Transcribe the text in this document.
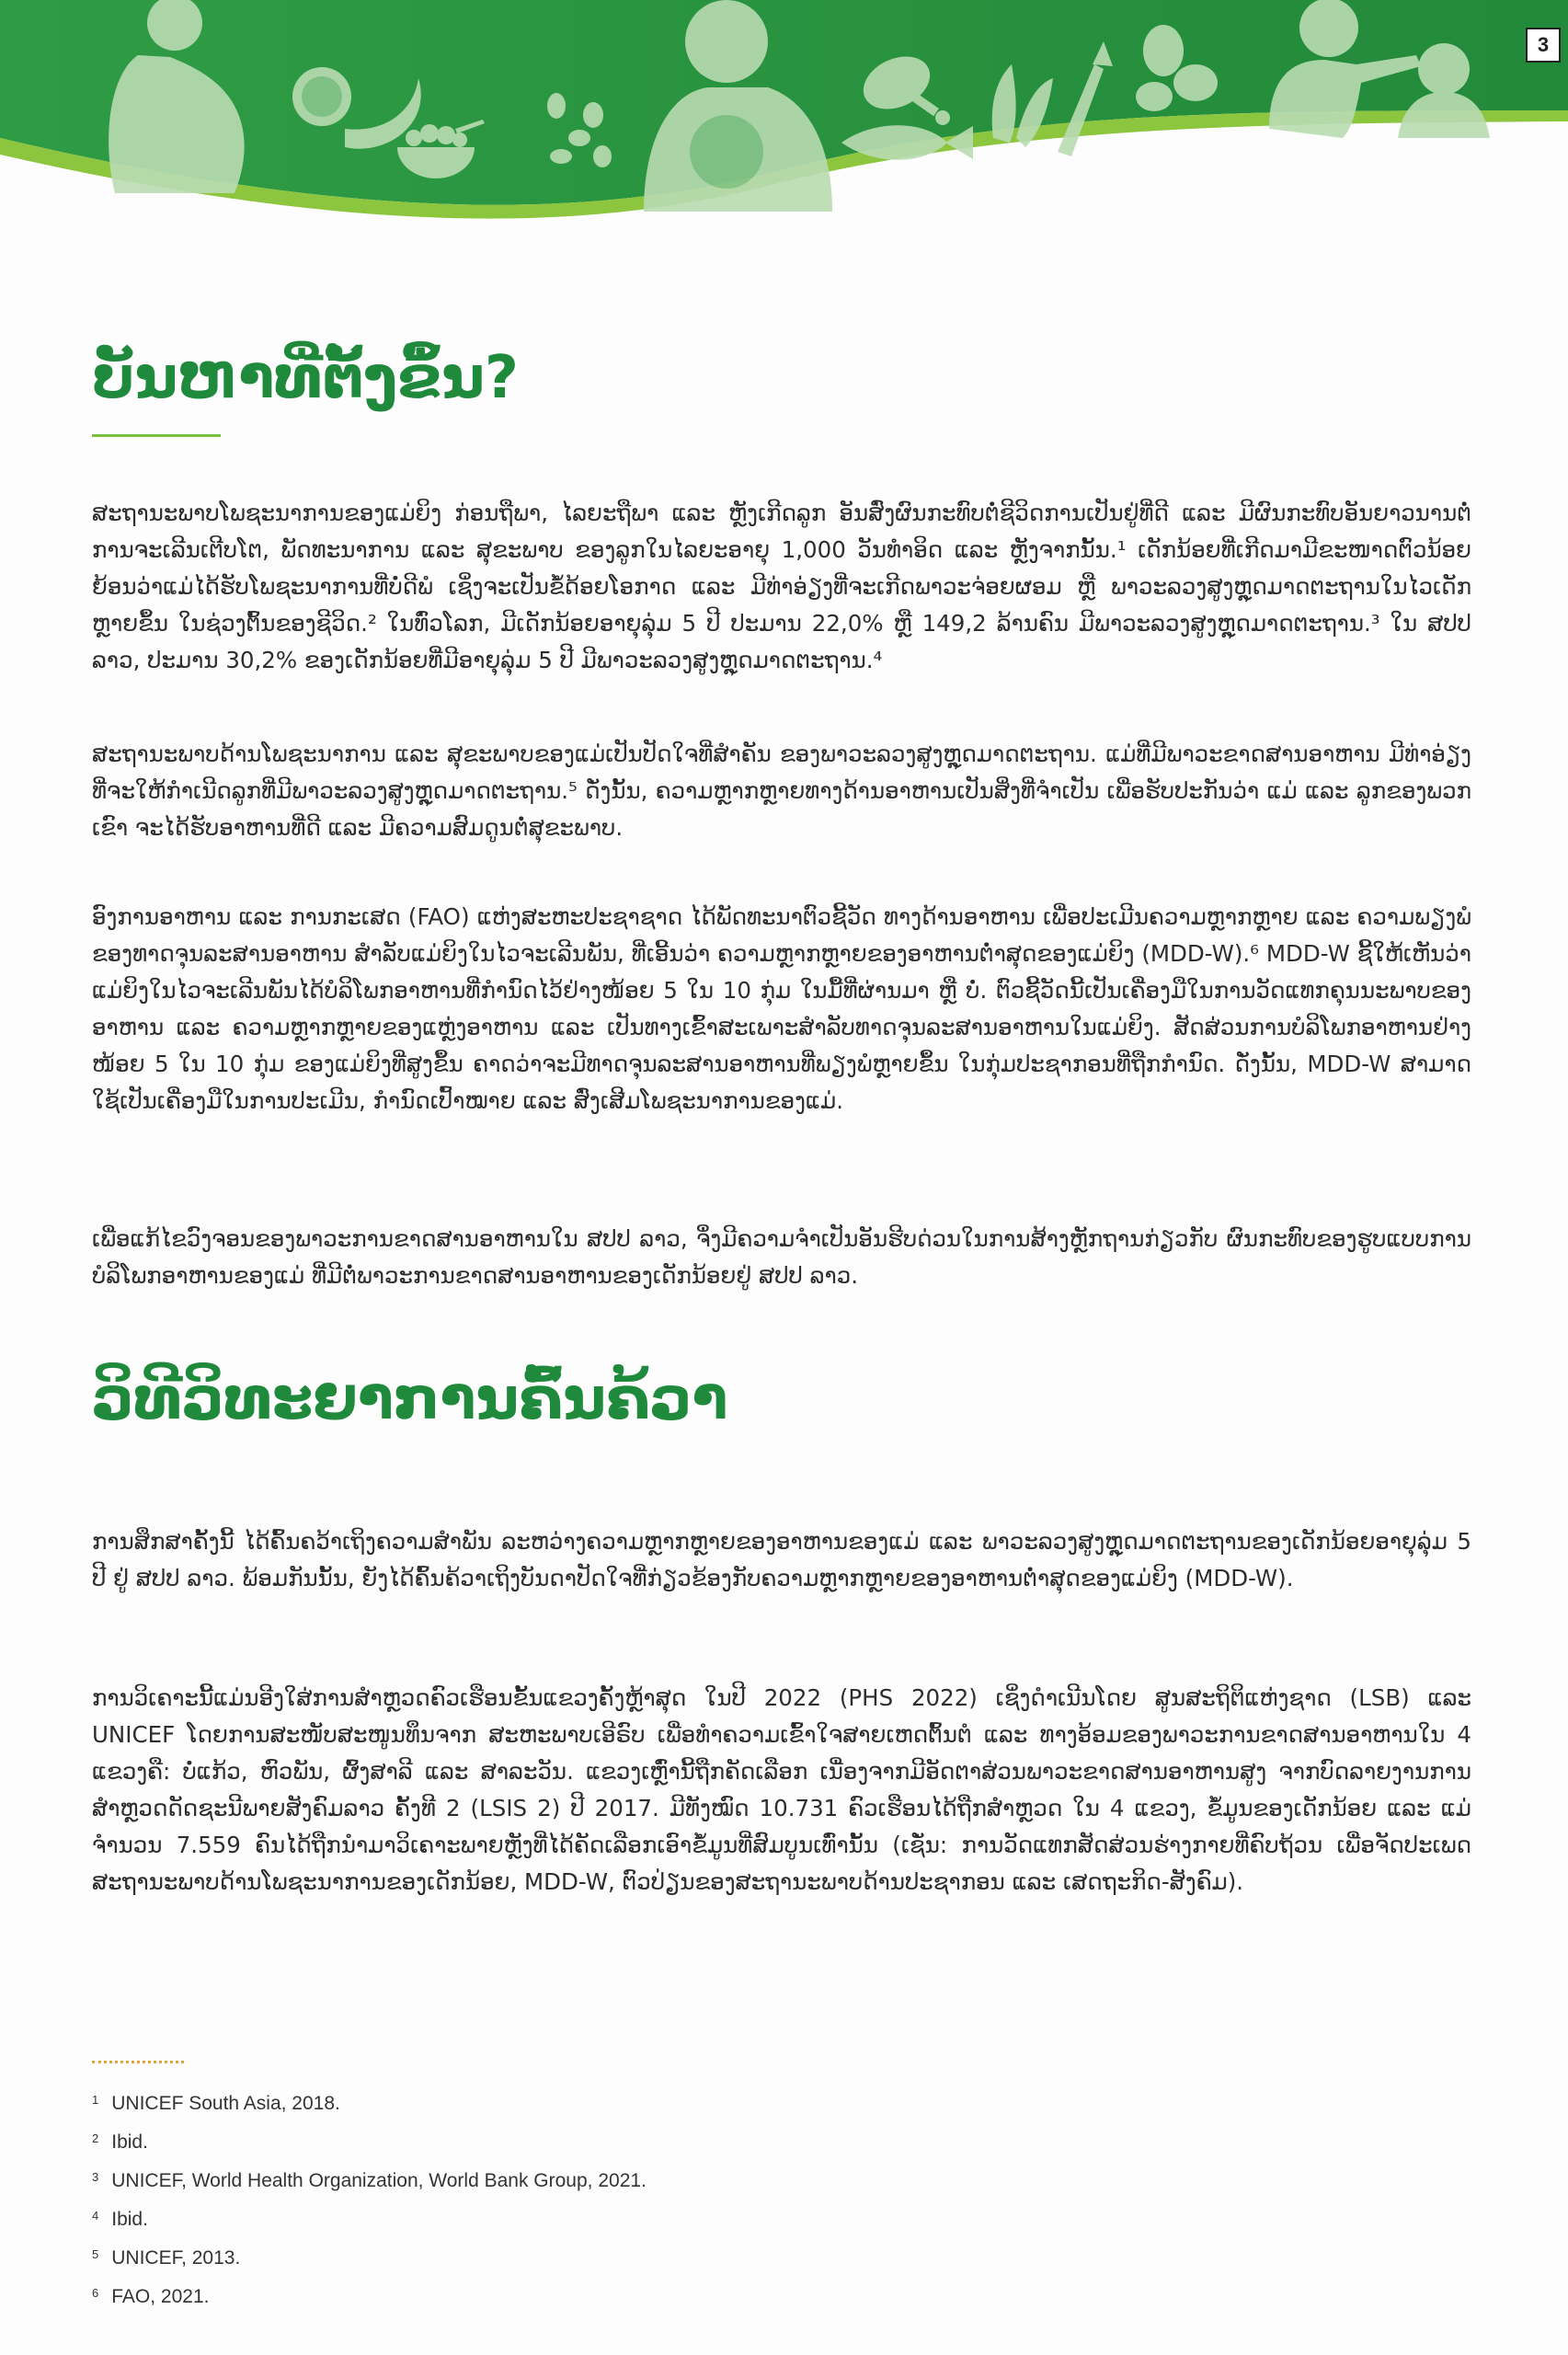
3
ບັນຫາທີ່ຕັ້ງຂຶ້ນ?

ສະຖານະພາບໂພຊະນາການຂອງແມ່ຍິງ ກ່ອນຖືພາ, ໄລຍະຖືພາ ແລະ ຫຼັງເກີດລູກ ອັນສົ່ງຜົນກະທົບຕໍ່ຊີວິດການເປັນຢູ່ທີ່ດີ ແລະ ມີຜົນກະທົບອັນຍາວນານຕໍ່ການຈະເລີນເຕີບໂຕ, ພັດທະນາການ ແລະ ສຸຂະພາບ ຂອງລູກໃນໄລຍະອາຍຸ 1,000 ວັນທຳອິດ ແລະ ຫຼັງຈາກນັ້ນ.¹ ເດັກນ້ອຍທີ່ເກີດມາມີຂະໜາດຕົວນ້ອຍ ຍ້ອນວ່າແມ່ໄດ້ຮັບໂພຊະນາການທີ່ບໍ່ດີພໍ ເຊິ່ງຈະເປັນຂໍ້ດ້ອຍໂອກາດ ແລະ ມີທ່າອ່ຽງທີ່ຈະເກີດພາວະຈ່ອຍຜອມ ຫຼື ພາວະລວງສູງຫຼຸດມາດຕະຖານໃນໄວເດັກຫຼາຍຂຶ້ນ ໃນຊ່ວງຕົ້ນຂອງຊີວິດ.² ໃນທົ່ວໂລກ, ມີເດັກນ້ອຍອາຍຸລຸ່ມ 5 ປີ ປະມານ 22,0% ຫຼື 149,2 ລ້ານຄົນ ມີພາວະລວງສູງຫຼຸດມາດຕະຖານ.³ ໃນ ສປປ ລາວ, ປະມານ 30,2% ຂອງເດັກນ້ອຍທີ່ມີອາຍຸລຸ່ມ 5 ປີ ມີພາວະລວງສູງຫຼຸດມາດຕະຖານ.⁴

ສະຖານະພາບດ້ານໂພຊະນາການ ແລະ ສຸຂະພາບຂອງແມ່ເປັນປັດໃຈທີ່ສຳຄັນ ຂອງພາວະລວງສູງຫຼຸດມາດຕະຖານ. ແມ່ທີ່ມີພາວະຂາດສານອາຫານ ມີທ່າອ່ຽງທີ່ຈະໃຫ້ກຳເນີດລູກທີ່ມີພາວະລວງສູງຫຼຸດມາດຕະຖານ.⁵ ດັ່ງນັ້ນ, ຄວາມຫຼາກຫຼາຍທາງດ້ານອາຫານເປັນສິ່ງທີ່ຈຳເປັນ ເພື່ອຮັບປະກັນວ່າ ແມ່ ແລະ ລູກຂອງພວກເຂົາ ຈະໄດ້ຮັບອາຫານທີ່ດີ ແລະ ມີຄວາມສົມດູນຕໍ່ສຸຂະພາບ.

ອົງການອາຫານ ແລະ ການກະເສດ (FAO) ແຫ່ງສະຫະປະຊາຊາດ ໄດ້ພັດທະນາຕົວຊີ້ວັດ ທາງດ້ານອາຫານ ເພື່ອປະເມີນຄວາມຫຼາກຫຼາຍ ແລະ ຄວາມພຽງພໍຂອງທາດຈຸນລະສານອາຫານ ສຳລັບແມ່ຍິງໃນໄວຈະເລີນພັນ, ທີ່ເອີ້ນວ່າ ຄວາມຫຼາກຫຼາຍຂອງອາຫານຕໍ່າສຸດຂອງແມ່ຍິງ (MDD-W).⁶ MDD-W ຊີ້ໃຫ້ເຫັນວ່າ ແມ່ຍິງໃນໄວຈະເລີນພັນໄດ້ບໍລິໂພກອາຫານທີ່ກຳນົດໄວ້ຢ່າງໜ້ອຍ 5 ໃນ 10 ກຸ່ມ ໃນມື້ທີ່ຜ່ານມາ ຫຼື ບໍ່. ຕົວຊີ້ວັດນີ້ເປັນເຄື່ອງມືໃນການວັດແທກຄຸນນະພາບຂອງອາຫານ ແລະ ຄວາມຫຼາກຫຼາຍຂອງແຫຼ່ງອາຫານ ແລະ ເປັນທາງເຂົ້າສະເພາະສຳລັບທາດຈຸນລະສານອາຫານໃນແມ່ຍິງ. ສັດສ່ວນການບໍລິໂພກອາຫານຢ່າງໜ້ອຍ 5 ໃນ 10 ກຸ່ມ ຂອງແມ່ຍິງທີ່ສູງຂຶ້ນ ຄາດວ່າຈະມີທາດຈຸນລະສານອາຫານທີ່ພຽງພໍຫຼາຍຂຶ້ນ ໃນກຸ່ມປະຊາກອນທີ່ຖືກກຳນົດ. ດັ່ງນັ້ນ, MDD-W ສາມາດໃຊ້ເປັນເຄື່ອງມືໃນການປະເມີນ, ກຳນົດເປົ້າໝາຍ ແລະ ສົ່ງເສີມໂພຊະນາການຂອງແມ່.

ເພື່ອແກ້ໄຂວົງຈອນຂອງພາວະການຂາດສານອາຫານໃນ ສປປ ລາວ, ຈຶ່ງມີຄວາມຈຳເປັນອັນຮີບດ່ວນໃນການສ້າງຫຼັກຖານກ່ຽວກັບ ຜົນກະທົບຂອງຮູບແບບການບໍລິໂພກອາຫານຂອງແມ່ ທີ່ມີຕໍ່ພາວະການຂາດສານອາຫານຂອງເດັກນ້ອຍຢູ່ ສປປ ລາວ.

ວິທີວິທະຍາການຄົ້ນຄ້ວາ

ການສຶກສາຄັ້ງນີ້ ໄດ້ຄົ້ນຄວ້າເຖິງຄວາມສຳພັນ ລະຫວ່າງຄວາມຫຼາກຫຼາຍຂອງອາຫານຂອງແມ່ ແລະ ພາວະລວງສູງຫຼຸດມາດຕະຖານຂອງເດັກນ້ອຍອາຍຸລຸ່ມ 5 ປີ ຢູ່ ສປປ ລາວ. ພ້ອມກັນນັ້ນ, ຍັງໄດ້ຄົ້ນຄ້ວາເຖິງບັນດາປັດໃຈທີ່ກ່ຽວຂ້ອງກັບຄວາມຫຼາກຫຼາຍຂອງອາຫານຕໍ່າສຸດຂອງແມ່ຍິງ (MDD-W).

ການວິເຄາະນີ້ແມ່ນອີງໃສ່ການສຳຫຼວດຄົວເຮືອນຂັ້ນແຂວງຄັ້ງຫຼ້າສຸດ ໃນປີ 2022 (PHS 2022) ເຊິ່ງດຳເນີນໂດຍ ສູນສະຖິຕິແຫ່ງຊາດ (LSB) ແລະ UNICEF ໂດຍການສະໜັບສະໜູນທຶນຈາກ ສະຫະພາບເອີຣົບ ເພື່ອທຳຄວາມເຂົ້າໃຈສາຍເຫດຕົ້ນຕໍ ແລະ ທາງອ້ອມຂອງພາວະການຂາດສານອາຫານໃນ 4 ແຂວງຄື: ບໍ່ແກ້ວ, ຫົວພັນ, ຜົ້ງສາລີ ແລະ ສາລະວັນ. ແຂວງເຫຼົ່ານີ້ຖືກຄັດເລືອກ ເນື່ອງຈາກມີອັດຕາສ່ວນພາວະຂາດສານອາຫານສູງ ຈາກບົດລາຍງານການສຳຫຼວດດັດຊະນີພາຍສັງຄົມລາວ ຄັ້ງທີ 2 (LSIS 2) ປີ 2017. ມີທັງໝົດ 10.731 ຄົວເຮືອນໄດ້ຖືກສຳຫຼວດ ໃນ 4 ແຂວງ, ຂໍ້ມູນຂອງເດັກນ້ອຍ ແລະ ແມ່ ຈຳນວນ 7.559 ຄົນໄດ້ຖືກນຳມາວິເຄາະພາຍຫຼັງທີ່ໄດ້ຄັດເລືອກເອົາຂໍ້ມູນທີ່ສົມບູນເທົ່ານັ້ນ (ເຊັ່ນ: ການວັດແທກສັດສ່ວນຮ່າງກາຍທີ່ຄົບຖ້ວນ ເພື່ອຈັດປະເພດສະຖານະພາບດ້ານໂພຊະນາການຂອງເດັກນ້ອຍ, MDD-W, ຕົວປ່ຽນຂອງສະຖານະພາບດ້ານປະຊາກອນ ແລະ ເສດຖະກິດ-ສັງຄົມ).

$^1$ UNICEF South Asia, 2018.
$^2$ Ibid.
$^3$ UNICEF, World Health Organization, World Bank Group, 2021.
$^4$ Ibid.
$^5$ UNICEF, 2013.
$^6$ FAO, 2021.
